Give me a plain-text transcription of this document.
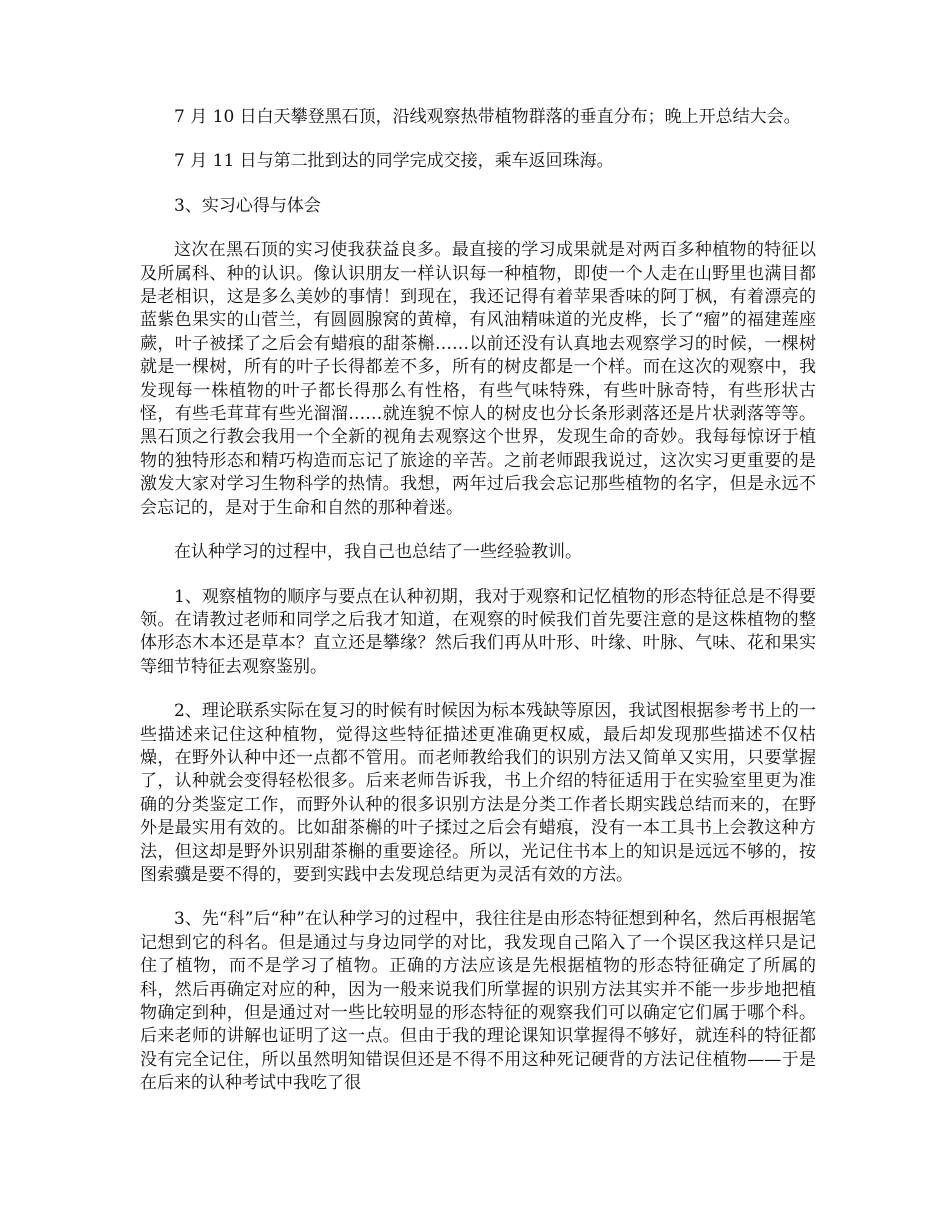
7 月 10 日白天攀登黑石顶，沿线观察热带植物群落的垂直分布；晚上开总结大会。

7 月 11 日与第二批到达的同学完成交接，乘车返回珠海。

3、实习心得与体会

这次在黑石顶的实习使我获益良多。最直接的学习成果就是对两百多种植物的特征以及所属科、种的认识。像认识朋友一样认识每一种植物，即使一个人走在山野里也满目都是老相识，这是多么美妙的事情！到现在，我还记得有着苹果香味的阿丁枫，有着漂亮的蓝紫色果实的山菅兰，有圆圆腺窝的黄樟，有风油精味道的光皮桦，长了“瘤”的福建莲座蕨，叶子被揉了之后会有蜡痕的甜茶槲……以前还没有认真地去观察学习的时候，一棵树就是一棵树，所有的叶子长得都差不多，所有的树皮都是一个样。而在这次的观察中，我发现每一株植物的叶子都长得那么有性格，有些气味特殊，有些叶脉奇特，有些形状古怪，有些毛茸茸有些光溜溜……就连貌不惊人的树皮也分长条形剥落还是片状剥落等等。黑石顶之行教会我用一个全新的视角去观察这个世界，发现生命的奇妙。我每每惊讶于植物的独特形态和精巧构造而忘记了旅途的辛苦。之前老师跟我说过，这次实习更重要的是激发大家对学习生物科学的热情。我想，两年过后我会忘记那些植物的名字，但是永远不会忘记的，是对于生命和自然的那种着迷。

在认种学习的过程中，我自己也总结了一些经验教训。

1、观察植物的顺序与要点在认种初期，我对于观察和记忆植物的形态特征总是不得要领。在请教过老师和同学之后我才知道，在观察的时候我们首先要注意的是这株植物的整体形态木本还是草本？直立还是攀缘？然后我们再从叶形、叶缘、叶脉、气味、花和果实等细节特征去观察鉴别。

2、理论联系实际在复习的时候有时候因为标本残缺等原因，我试图根据参考书上的一些描述来记住这种植物，觉得这些特征描述更准确更权威，最后却发现那些描述不仅枯燥，在野外认种中还一点都不管用。而老师教给我们的识别方法又简单又实用，只要掌握了，认种就会变得轻松很多。后来老师告诉我，书上介绍的特征适用于在实验室里更为准确的分类鉴定工作，而野外认种的很多识别方法是分类工作者长期实践总结而来的，在野外是最实用有效的。比如甜茶槲的叶子揉过之后会有蜡痕，没有一本工具书上会教这种方法，但这却是野外识别甜茶槲的重要途径。所以，光记住书本上的知识是远远不够的，按图索骥是要不得的，要到实践中去发现总结更为灵活有效的方法。

3、先“科”后“种”在认种学习的过程中，我往往是由形态特征想到种名，然后再根据笔记想到它的科名。但是通过与身边同学的对比，我发现自己陷入了一个误区我这样只是记住了植物，而不是学习了植物。正确的方法应该是先根据植物的形态特征确定了所属的科，然后再确定对应的种，因为一般来说我们所掌握的识别方法其实并不能一步步地把植物确定到种，但是通过对一些比较明显的形态特征的观察我们可以确定它们属于哪个科。后来老师的讲解也证明了这一点。但由于我的理论课知识掌握得不够好，就连科的特征都没有完全记住，所以虽然明知错误但还是不得不用这种死记硬背的方法记住植物——于是在后来的认种考试中我吃了很
